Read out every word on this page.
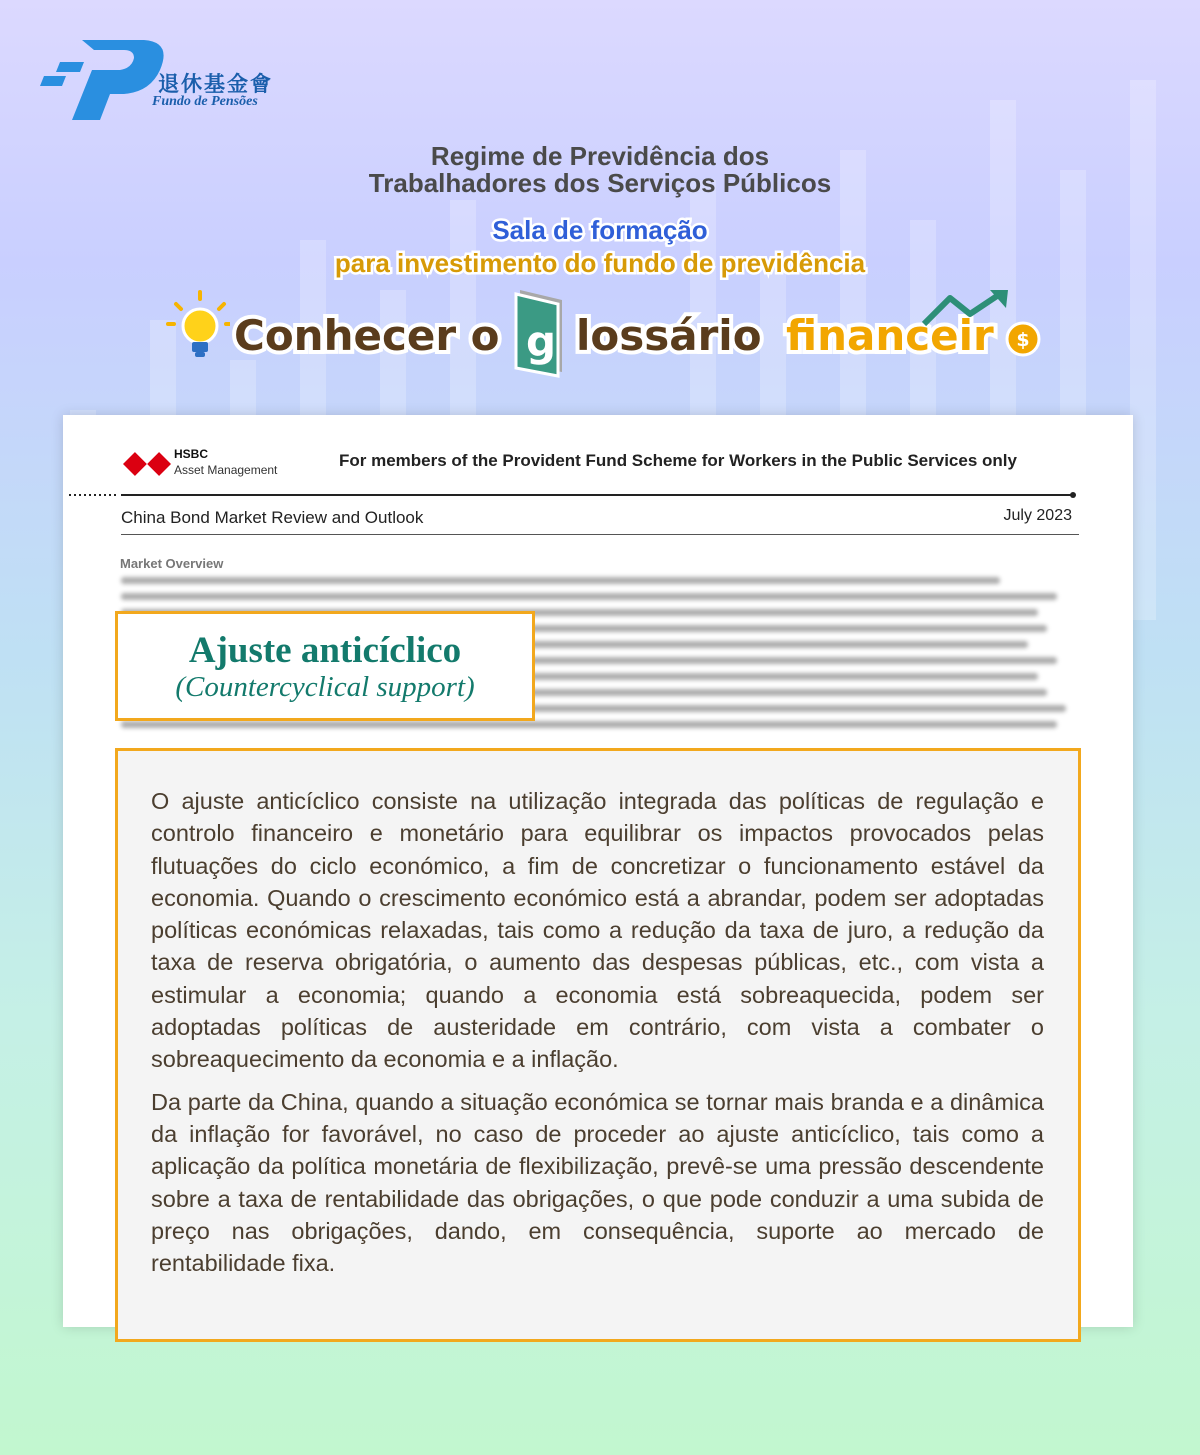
退休基金會
Fundo de Pensões
Regime de Previdência dos
Trabalhadores dos Serviços Públicos
Sala de formação
para investimento do fundo de previdência
Conhecer o g lossário financeir $
HSBC
Asset Management	For members of the Provident Fund Scheme for Workers in the Public Services only
China Bond Market Review and Outlook	July 2023
Market Overview
Ajuste anticíclico
(Countercyclical support)

O ajuste anticíclico consiste na utilização integrada das políticas de regulação e controlo financeiro e monetário para equilibrar os impactos provocados pelas flutuações do ciclo económico, a fim de concretizar o funcionamento estável da economia. Quando o crescimento económico está a abrandar, podem ser adoptadas políticas económicas relaxadas, tais como a redução da taxa de juro, a redução da taxa de reserva obrigatória, o aumento das despesas públicas, etc., com vista a estimular a economia; quando a economia está sobreaquecida, podem ser adoptadas políticas de austeridade em contrário, com vista a combater o sobreaquecimento da economia e a inflação.

Da parte da China, quando a situação económica se tornar mais branda e a dinâmica da inflação for favorável, no caso de proceder ao ajuste anticíclico, tais como a aplicação da política monetária de flexibilização, prevê-se uma pressão descendente sobre a taxa de rentabilidade das obrigações, o que pode conduzir a uma subida de preço nas obrigações, dando, em consequência, suporte ao mercado de rentabilidade fixa.
